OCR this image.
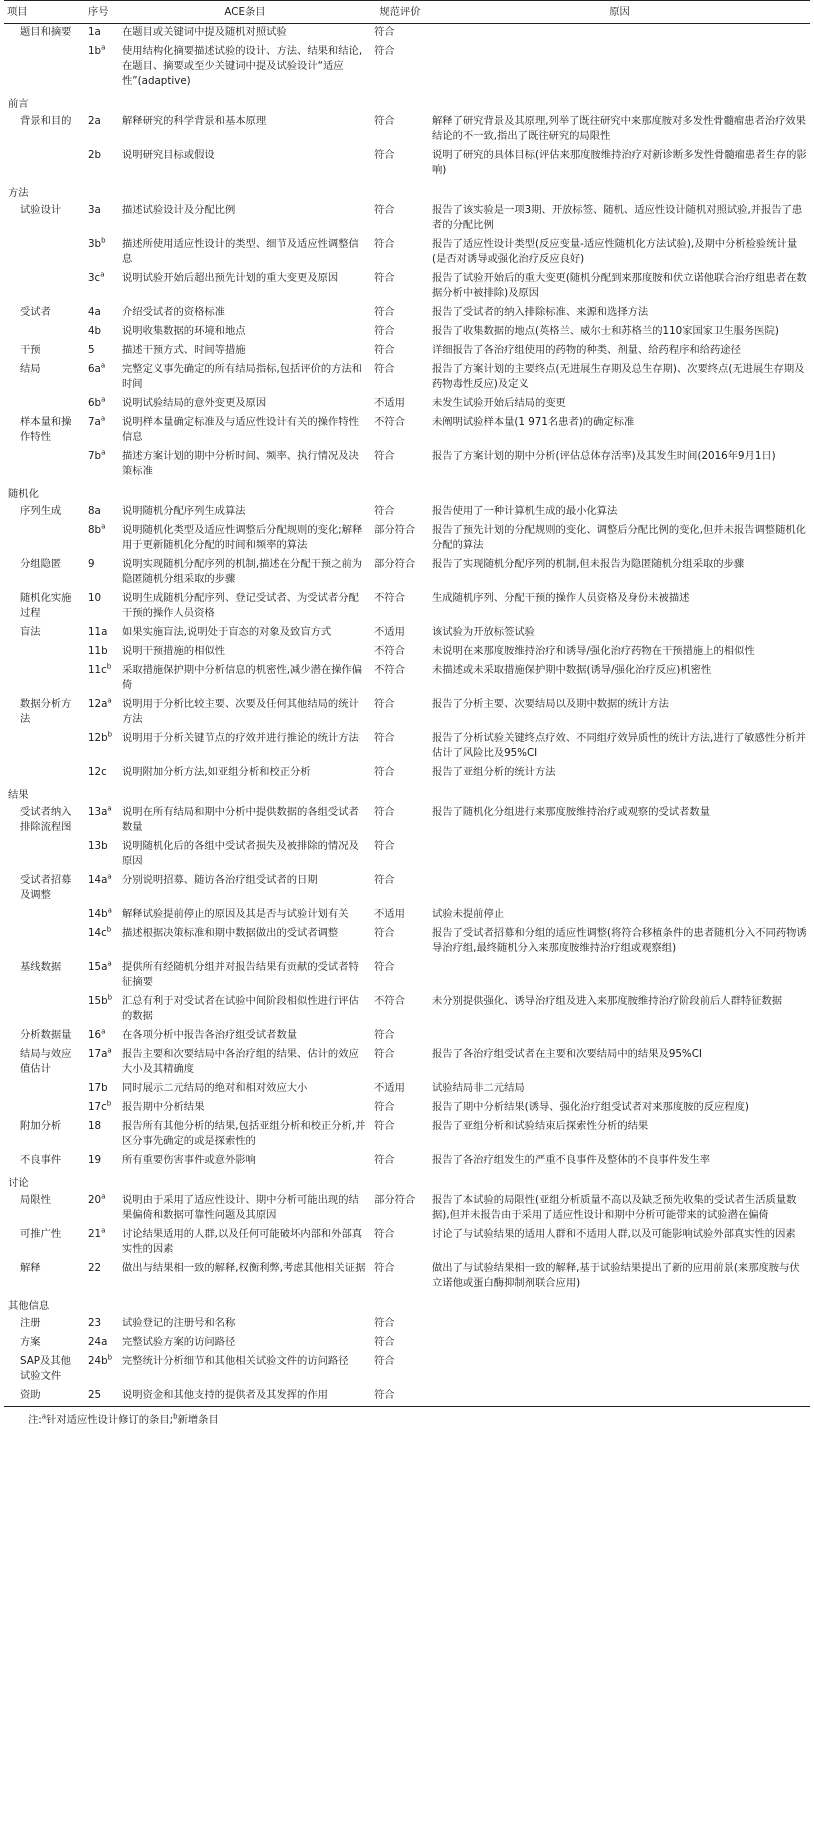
项目	序号	ACE条目	规范评价	原因
题目和摘要	1a	在题目或关键词中提及随机对照试验	符合	
	$1b^a$	使用结构化摘要描述试验的设计、方法、结果和结论,在题目、摘要或至少关键词中提及试验设计“适应性”(adaptive)	符合	
前言				
背景和目的	2a	解释研究的科学背景和基本原理	符合	解释了研究背景及其原理,列举了既往研究中来那度胺对多发性骨髓瘤患者治疗效果结论的不一致,指出了既往研究的局限性
	2b	说明研究目标或假设	符合	说明了研究的具体目标(评估来那度胺维持治疗对新诊断多发性骨髓瘤患者生存的影响)
方法				
试验设计	3a	描述试验设计及分配比例	符合	报告了该实验是一项3期、开放标签、随机、适应性设计随机对照试验,并报告了患者的分配比例
	$3b^b$	描述所使用适应性设计的类型、细节及适应性调整信息	符合	报告了适应性设计类型(反应变量-适应性随机化方法试验),及期中分析检验统计量(是否对诱导或强化治疗反应良好)
	$3c^a$	说明试验开始后超出预先计划的重大变更及原因	符合	报告了试验开始后的重大变更(随机分配到来那度胺和伏立诺他联合治疗组患者在数据分析中被排除)及原因
受试者	4a	介绍受试者的资格标准	符合	报告了受试者的纳入排除标准、来源和选择方法
	4b	说明收集数据的环境和地点	符合	报告了收集数据的地点(英格兰、威尔士和苏格兰的110家国家卫生服务医院)
干预	5	描述干预方式、时间等措施	符合	详细报告了各治疗组使用的药物的种类、剂量、给药程序和给药途径
结局	$6a^a$	完整定义事先确定的所有结局指标,包括评价的方法和时间	符合	报告了方案计划的主要终点(无进展生存期及总生存期)、次要终点(无进展生存期及药物毒性反应)及定义
	$6b^a$	说明试验结局的意外变更及原因	不适用	未发生试验开始后结局的变更
样本量和操作特性	$7a^a$	说明样本量确定标准及与适应性设计有关的操作特性信息	不符合	未阐明试验样本量(1 971名患者)的确定标准
	$7b^a$	描述方案计划的期中分析时间、频率、执行情况及决策标准	符合	报告了方案计划的期中分析(评估总体存活率)及其发生时间(2016年9月1日)
随机化				
序列生成	8a	说明随机分配序列生成算法	符合	报告使用了一种计算机生成的最小化算法
	$8b^a$	说明随机化类型及适应性调整后分配规则的变化;解释用于更新随机化分配的时间和频率的算法	部分符合	报告了预先计划的分配规则的变化、调整后分配比例的变化,但并未报告调整随机化分配的算法
分组隐匿	9	说明实现随机分配序列的机制,描述在分配干预之前为隐匿随机分组采取的步骤	部分符合	报告了实现随机分配序列的机制,但未报告为隐匿随机分组采取的步骤
随机化实施过程	10	说明生成随机分配序列、登记受试者、为受试者分配干预的操作人员资格	不符合	生成随机序列、分配干预的操作人员资格及身份未被描述
盲法	11a	如果实施盲法,说明处于盲态的对象及致盲方式	不适用	该试验为开放标签试验
	11b	说明干预措施的相似性	不符合	未说明在来那度胺维持治疗和诱导/强化治疗药物在干预措施上的相似性
	$11c^b$	采取措施保护期中分析信息的机密性,减少潜在操作偏倚	不符合	未描述或未采取措施保护期中数据(诱导/强化治疗反应)机密性
数据分析方法	$12a^a$	说明用于分析比较主要、次要及任何其他结局的统计方法	符合	报告了分析主要、次要结局以及期中数据的统计方法
	$12b^b$	说明用于分析关键节点的疗效并进行推论的统计方法	符合	报告了分析试验关键终点疗效、不同组疗效异质性的统计方法,进行了敏感性分析并估计了风险比及95%CI
	12c	说明附加分析方法,如亚组分析和校正分析	符合	报告了亚组分析的统计方法
结果				
受试者纳入排除流程图	$13a^a$	说明在所有结局和期中分析中提供数据的各组受试者数量	符合	报告了随机化分组进行来那度胺维持治疗或观察的受试者数量
	13b	说明随机化后的各组中受试者损失及被排除的情况及原因	符合	
受试者招募及调整	$14a^a$	分别说明招募、随访各治疗组受试者的日期	符合	
	$14b^a$	解释试验提前停止的原因及其是否与试验计划有关	不适用	试验未提前停止
	$14c^b$	描述根据决策标准和期中数据做出的受试者调整	符合	报告了受试者招募和分组的适应性调整(将符合移植条件的患者随机分入不同药物诱导治疗组,最终随机分入来那度胺维持治疗组或观察组)
基线数据	$15a^a$	提供所有经随机分组并对报告结果有贡献的受试者特征摘要	符合	
	$15b^b$	汇总有利于对受试者在试验中间阶段相似性进行评估的数据	不符合	未分别提供强化、诱导治疗组及进入来那度胺维持治疗阶段前后人群特征数据
分析数据量	16$^a$	在各项分析中报告各治疗组受试者数量	符合	
结局与效应值估计	$17a^a$	报告主要和次要结局中各治疗组的结果、估计的效应大小及其精确度	符合	报告了各治疗组受试者在主要和次要结局中的结果及95%CI
	17b	同时展示二元结局的绝对和相对效应大小	不适用	试验结局非二元结局
	$17c^b$	报告期中分析结果	符合	报告了期中分析结果(诱导、强化治疗组受试者对来那度胺的反应程度)
附加分析	18	报告所有其他分析的结果,包括亚组分析和校正分析,并区分事先确定的或是探索性的	符合	报告了亚组分析和试验结束后探索性分析的结果
不良事件	19	所有重要伤害事件或意外影响	符合	报告了各治疗组发生的严重不良事件及整体的不良事件发生率
讨论				
局限性	20$^a$	说明由于采用了适应性设计、期中分析可能出现的结果偏倚和数据可靠性问题及其原因	部分符合	报告了本试验的局限性(亚组分析质量不高以及缺乏预先收集的受试者生活质量数据),但并未报告由于采用了适应性设计和期中分析可能带来的试验潜在偏倚
可推广性	21$^a$	讨论结果适用的人群,以及任何可能破坏内部和外部真实性的因素	符合	讨论了与试验结果的适用人群和不适用人群,以及可能影响试验外部真实性的因素
解释	22	做出与结果相一致的解释,权衡利弊,考虑其他相关证据	符合	做出了与试验结果相一致的解释,基于试验结果提出了新的应用前景(来那度胺与伏立诺他或蛋白酶抑制剂联合应用)
其他信息				
注册	23	试验登记的注册号和名称	符合	
方案	24a	完整试验方案的访问路径	符合	
SAP及其他试验文件	$24b^b$	完整统计分析细节和其他相关试验文件的访问路径	符合	
资助	25	说明资金和其他支持的提供者及其发挥的作用	符合	
注:$^a$针对适应性设计修订的条目;$^b$新增条目
